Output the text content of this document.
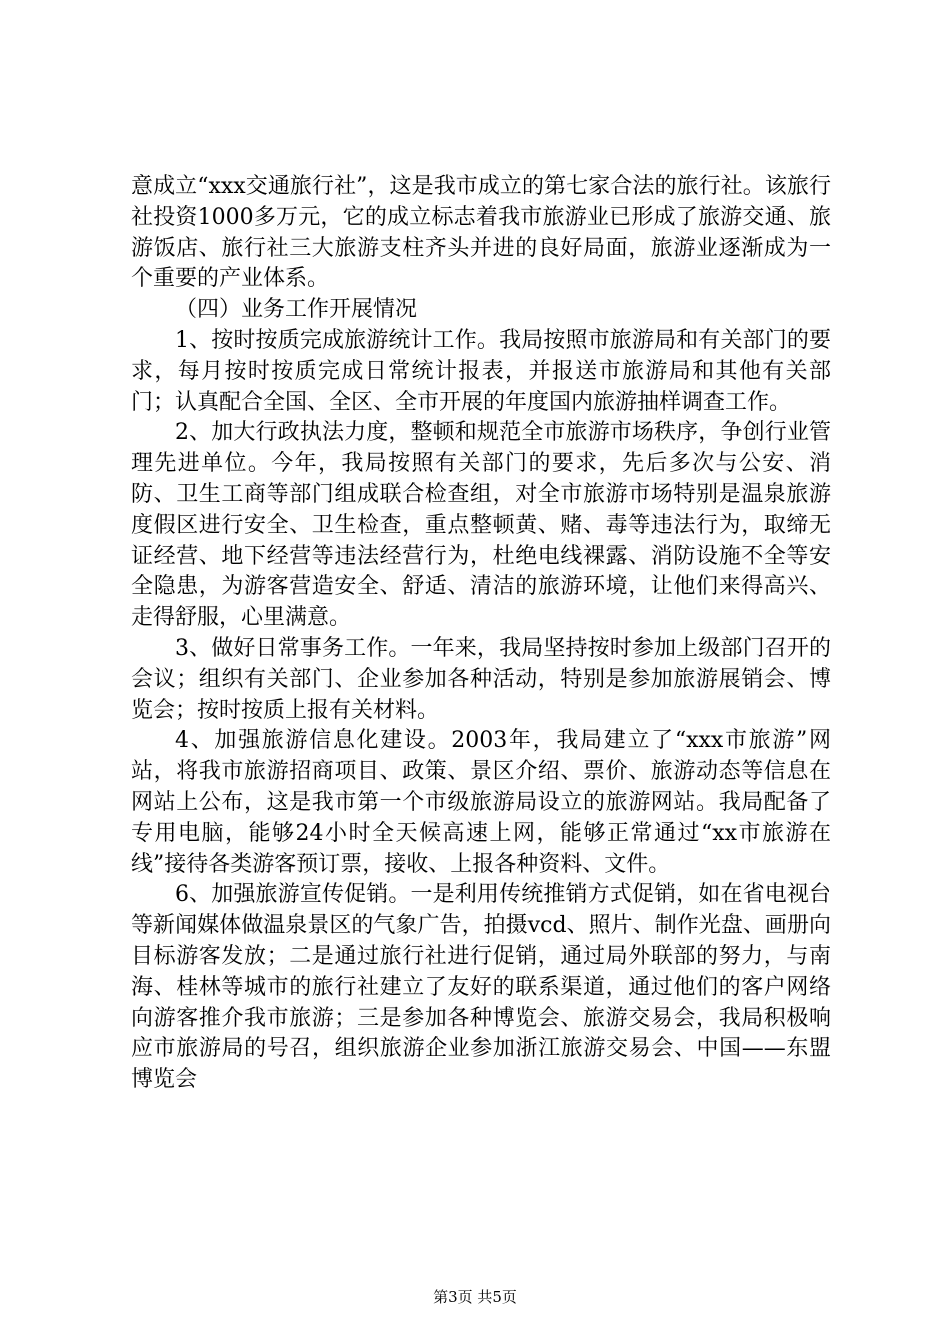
意成立“xxx交通旅行社”，这是我市成立的第七家合法的旅行社。该旅行社投资1000多万元，它的成立标志着我市旅游业已形成了旅游交通、旅游饭店、旅行社三大旅游支柱齐头并进的良好局面，旅游业逐渐成为一个重要的产业体系。

（四）业务工作开展情况

1、按时按质完成旅游统计工作。我局按照市旅游局和有关部门的要求，每月按时按质完成日常统计报表，并报送市旅游局和其他有关部门；认真配合全国、全区、全市开展的年度国内旅游抽样调查工作。

2、加大行政执法力度，整顿和规范全市旅游市场秩序，争创行业管理先进单位。今年，我局按照有关部门的要求，先后多次与公安、消防、卫生工商等部门组成联合检查组，对全市旅游市场特别是温泉旅游度假区进行安全、卫生检查，重点整顿黄、赌、毒等违法行为，取缔无证经营、地下经营等违法经营行为，杜绝电线裸露、消防设施不全等安全隐患，为游客营造安全、舒适、清洁的旅游环境，让他们来得高兴、走得舒服，心里满意。

3、做好日常事务工作。一年来，我局坚持按时参加上级部门召开的会议；组织有关部门、企业参加各种活动，特别是参加旅游展销会、博览会；按时按质上报有关材料。

4、加强旅游信息化建设。2003年，我局建立了“xxx市旅游”网站，将我市旅游招商项目、政策、景区介绍、票价、旅游动态等信息在网站上公布，这是我市第一个市级旅游局设立的旅游网站。我局配备了专用电脑，能够24小时全天候高速上网，能够正常通过“xx市旅游在线”接待各类游客预订票，接收、上报各种资料、文件。

6、加强旅游宣传促销。一是利用传统推销方式促销，如在省电视台等新闻媒体做温泉景区的气象广告，拍摄vcd、照片、制作光盘、画册向目标游客发放；二是通过旅行社进行促销，通过局外联部的努力，与南海、桂林等城市的旅行社建立了友好的联系渠道，通过他们的客户网络向游客推介我市旅游；三是参加各种博览会、旅游交易会，我局积极响应市旅游局的号召，组织旅游企业参加浙江旅游交易会、中国——东盟博览会

第3页 共5页
